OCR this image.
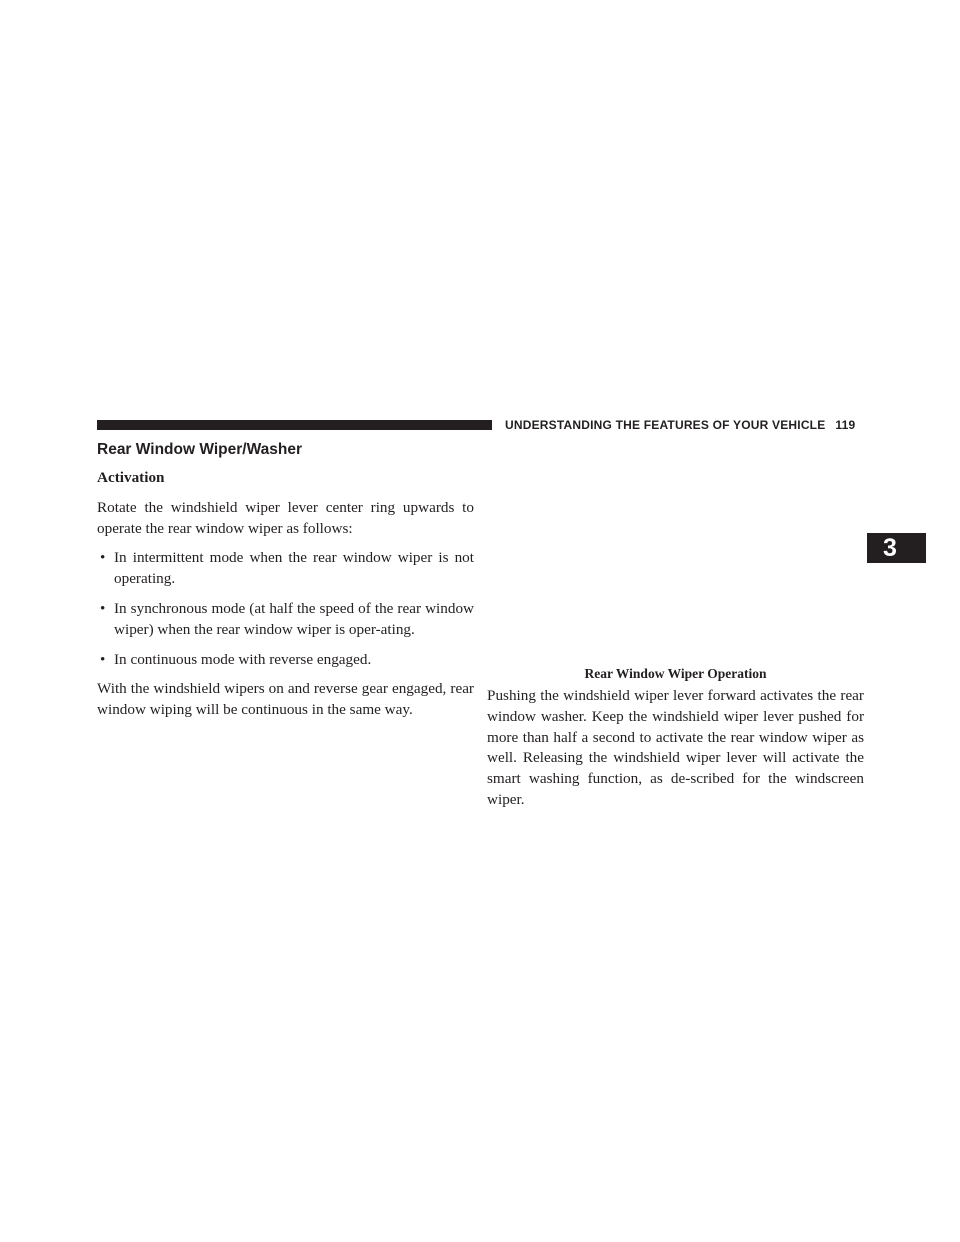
UNDERSTANDING THE FEATURES OF YOUR VEHICLE 119
3
Rear Window Wiper/Washer
Activation

Rotate the windshield wiper lever center ring upwards to operate the rear window wiper as follows:

• In intermittent mode when the rear window wiper is not operating.
• In synchronous mode (at half the speed of the rear window wiper) when the rear window wiper is oper-ating.
• In continuous mode with reverse engaged.

With the windshield wipers on and reverse gear engaged, rear window wiping will be continuous in the same way.

Rear Window Wiper Operation

Pushing the windshield wiper lever forward activates the rear window washer. Keep the windshield wiper lever pushed for more than half a second to activate the rear window wiper as well. Releasing the windshield wiper lever will activate the smart washing function, as de-scribed for the windscreen wiper.
